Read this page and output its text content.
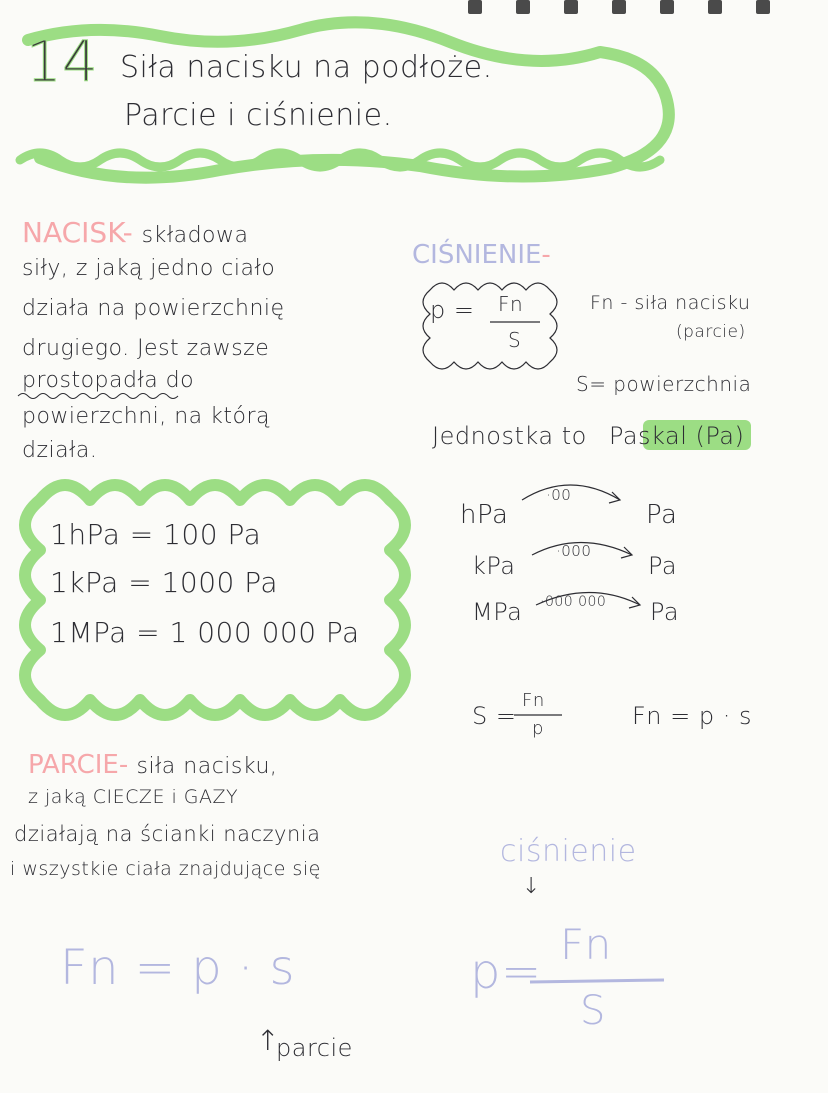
14 Siła nacisku na podłoże.
Parcie i ciśnienie.
NACISK- składowa
siły, z jaką jedno ciało
działa na powierzchnię
drugiego. Jest zawsze
prostopadła do
powierzchni, na którą
działa.
CIŚNIENIE-
p = Fn
S
Fn - siła nacisku
(parcie)
S= powierzchnia
Jednostka to Paskal (Pa)
1hPa = 100 Pa
1kPa = 1000 Pa
1MPa = 1 000 000 Pa
hPa
·00
Pa
kPa
·000
Pa
MPa ·000 000 Pa
S =
Fn
p	Fn = p · s
PARCIE- siła nacisku,
z jaką CIECZE i GAZY
działają na ścianki naczynia
i wszystkie ciała znajdujące się
Fn = p · s
↑
parcie
ciśnienie
↓
p= Fn
S
